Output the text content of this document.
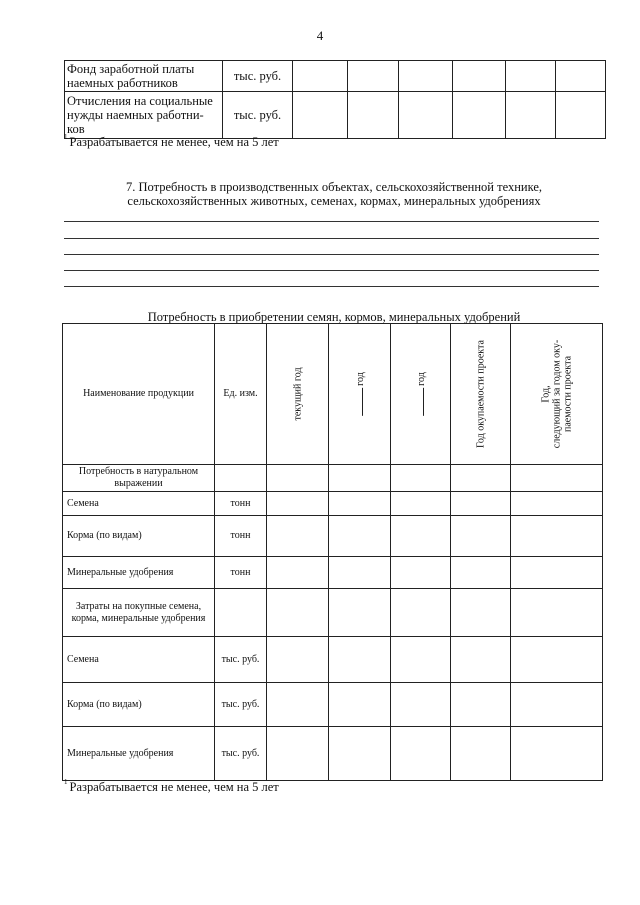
4
Фонд заработной платы наемных работников	тыс. руб.						
Отчисления на социальные нужды наемных работни-ков	тыс. руб.						
$^1$ Разрабатывается не менее, чем на 5 лет
7. Потребность в производственных объектах, сельскохозяйственной технике,
сельскохозяйственных животных, семенах, кормах, минеральных удобрениях
Потребность в приобретении семян, кормов, минеральных удобрений
Наименование продукции	Ед. изм.	текущий год	год	год	Год окупаемости проекта	Год, следующий за годом оку- паемости проекта

Потребность в натуральном выражении						
Семена	тонн					
Корма (по видам)	тонн					
Минеральные удобрения	тонн					
Затраты на покупные семена, корма, минеральные удобрения						
Семена	тыс. руб.					
Корма (по видам)	тыс. руб.					
Минеральные удобрения	тыс. руб.					
$^1$ Разрабатывается не менее, чем на 5 лет
